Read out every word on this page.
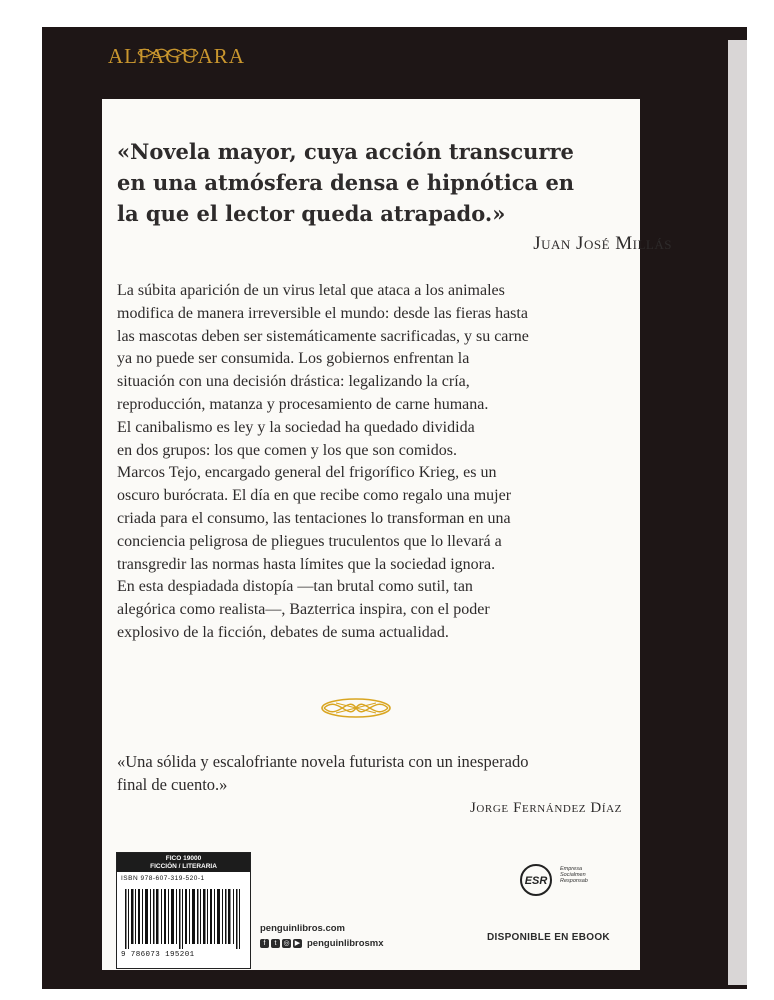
ALFAGUARA
«Novela mayor, cuya acción transcurre
en una atmósfera densa e hipnótica en
la que el lector queda atrapado.»
Juan José Millás

La súbita aparición de un virus letal que ataca a los animales

modifica de manera irreversible el mundo: desde las fieras hasta

las mascotas deben ser sistemáticamente sacrificadas, y su carne

ya no puede ser consumida. Los gobiernos enfrentan la

situación con una decisión drástica: legalizando la cría,

reproducción, matanza y procesamiento de carne humana.

El canibalismo es ley y la sociedad ha quedado dividida

en dos grupos: los que comen y los que son comidos.

Marcos Tejo, encargado general del frigorífico Krieg, es un

oscuro burócrata. El día en que recibe como regalo una mujer

criada para el consumo, las tentaciones lo transforman en una

conciencia peligrosa de pliegues truculentos que lo llevará a

transgredir las normas hasta límites que la sociedad ignora.

En esta despiadada distopía —tan brutal como sutil, tan

alegórica como realista—, Bazterrica inspira, con el poder

explosivo de la ficción, debates de suma actualidad.

«Una sólida y escalofriante novela futurista con un inesperado

final de cuento.»

Jorge Fernández Díaz
FICO 19000
FICCIÓN / LITERARIA
ISBN 978-607-319-520-1
9 786073 195201
penguinlibros.com
f	t ◎ ▶ penguinlibrosmx
ESR
Empresa
Socialmen
Responsab
DISPONIBLE EN EBOOK
